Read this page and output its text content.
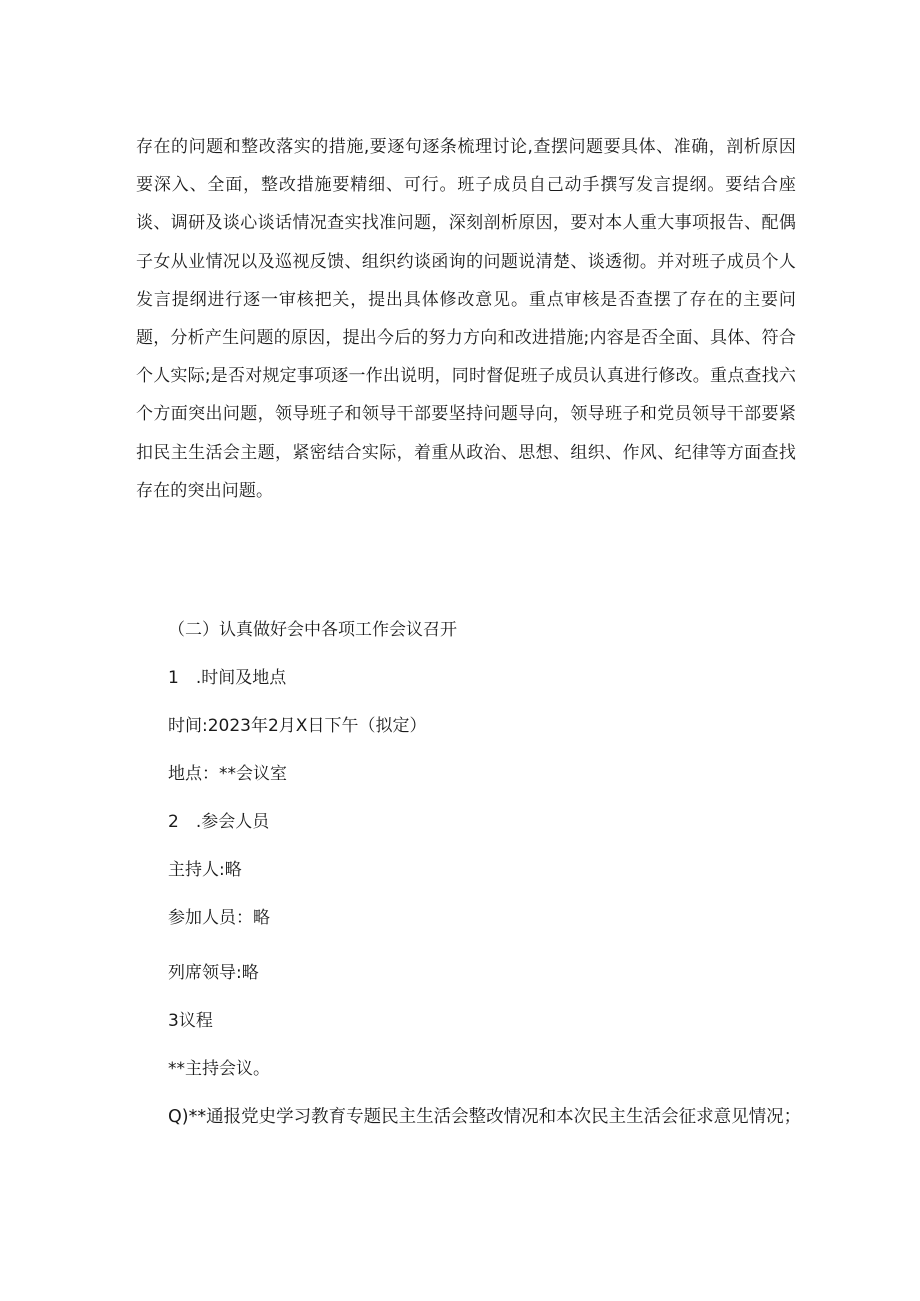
存在的问题和整改落实的措施,要逐句逐条梳理讨论,查摆问题要具体、准确，剖析原因要深入、全面，整改措施要精细、可行。班子成员自己动手撰写发言提纲。要结合座谈、调研及谈心谈话情况查实找准问题，深刻剖析原因，要对本人重大事项报告、配偶子女从业情况以及巡视反馈、组织约谈函询的问题说清楚、谈透彻。并对班子成员个人发言提纲进行逐一审核把关，提出具体修改意见。重点审核是否查摆了存在的主要问题，分析产生问题的原因，提出今后的努力方向和改进措施;内容是否全面、具体、符合个人实际;是否对规定事项逐一作出说明，同时督促班子成员认真进行修改。重点查找六个方面突出问题，领导班子和领导干部要坚持问题导向，领导班子和党员领导干部要紧扣民主生活会主题，紧密结合实际，着重从政治、思想、组织、作风、纪律等方面查找存在的突出问题。

（二）认真做好会中各项工作会议召开

1　.时间及地点

时间:2023年2月X日下午（拟定）

地点：**会议室

2　.参会人员

主持人:略

参加人员：略

列席领导:略

3议程

**主持会议。

Q)**通报党史学习教育专题民主生活会整改情况和本次民主生活会征求意见情况；
